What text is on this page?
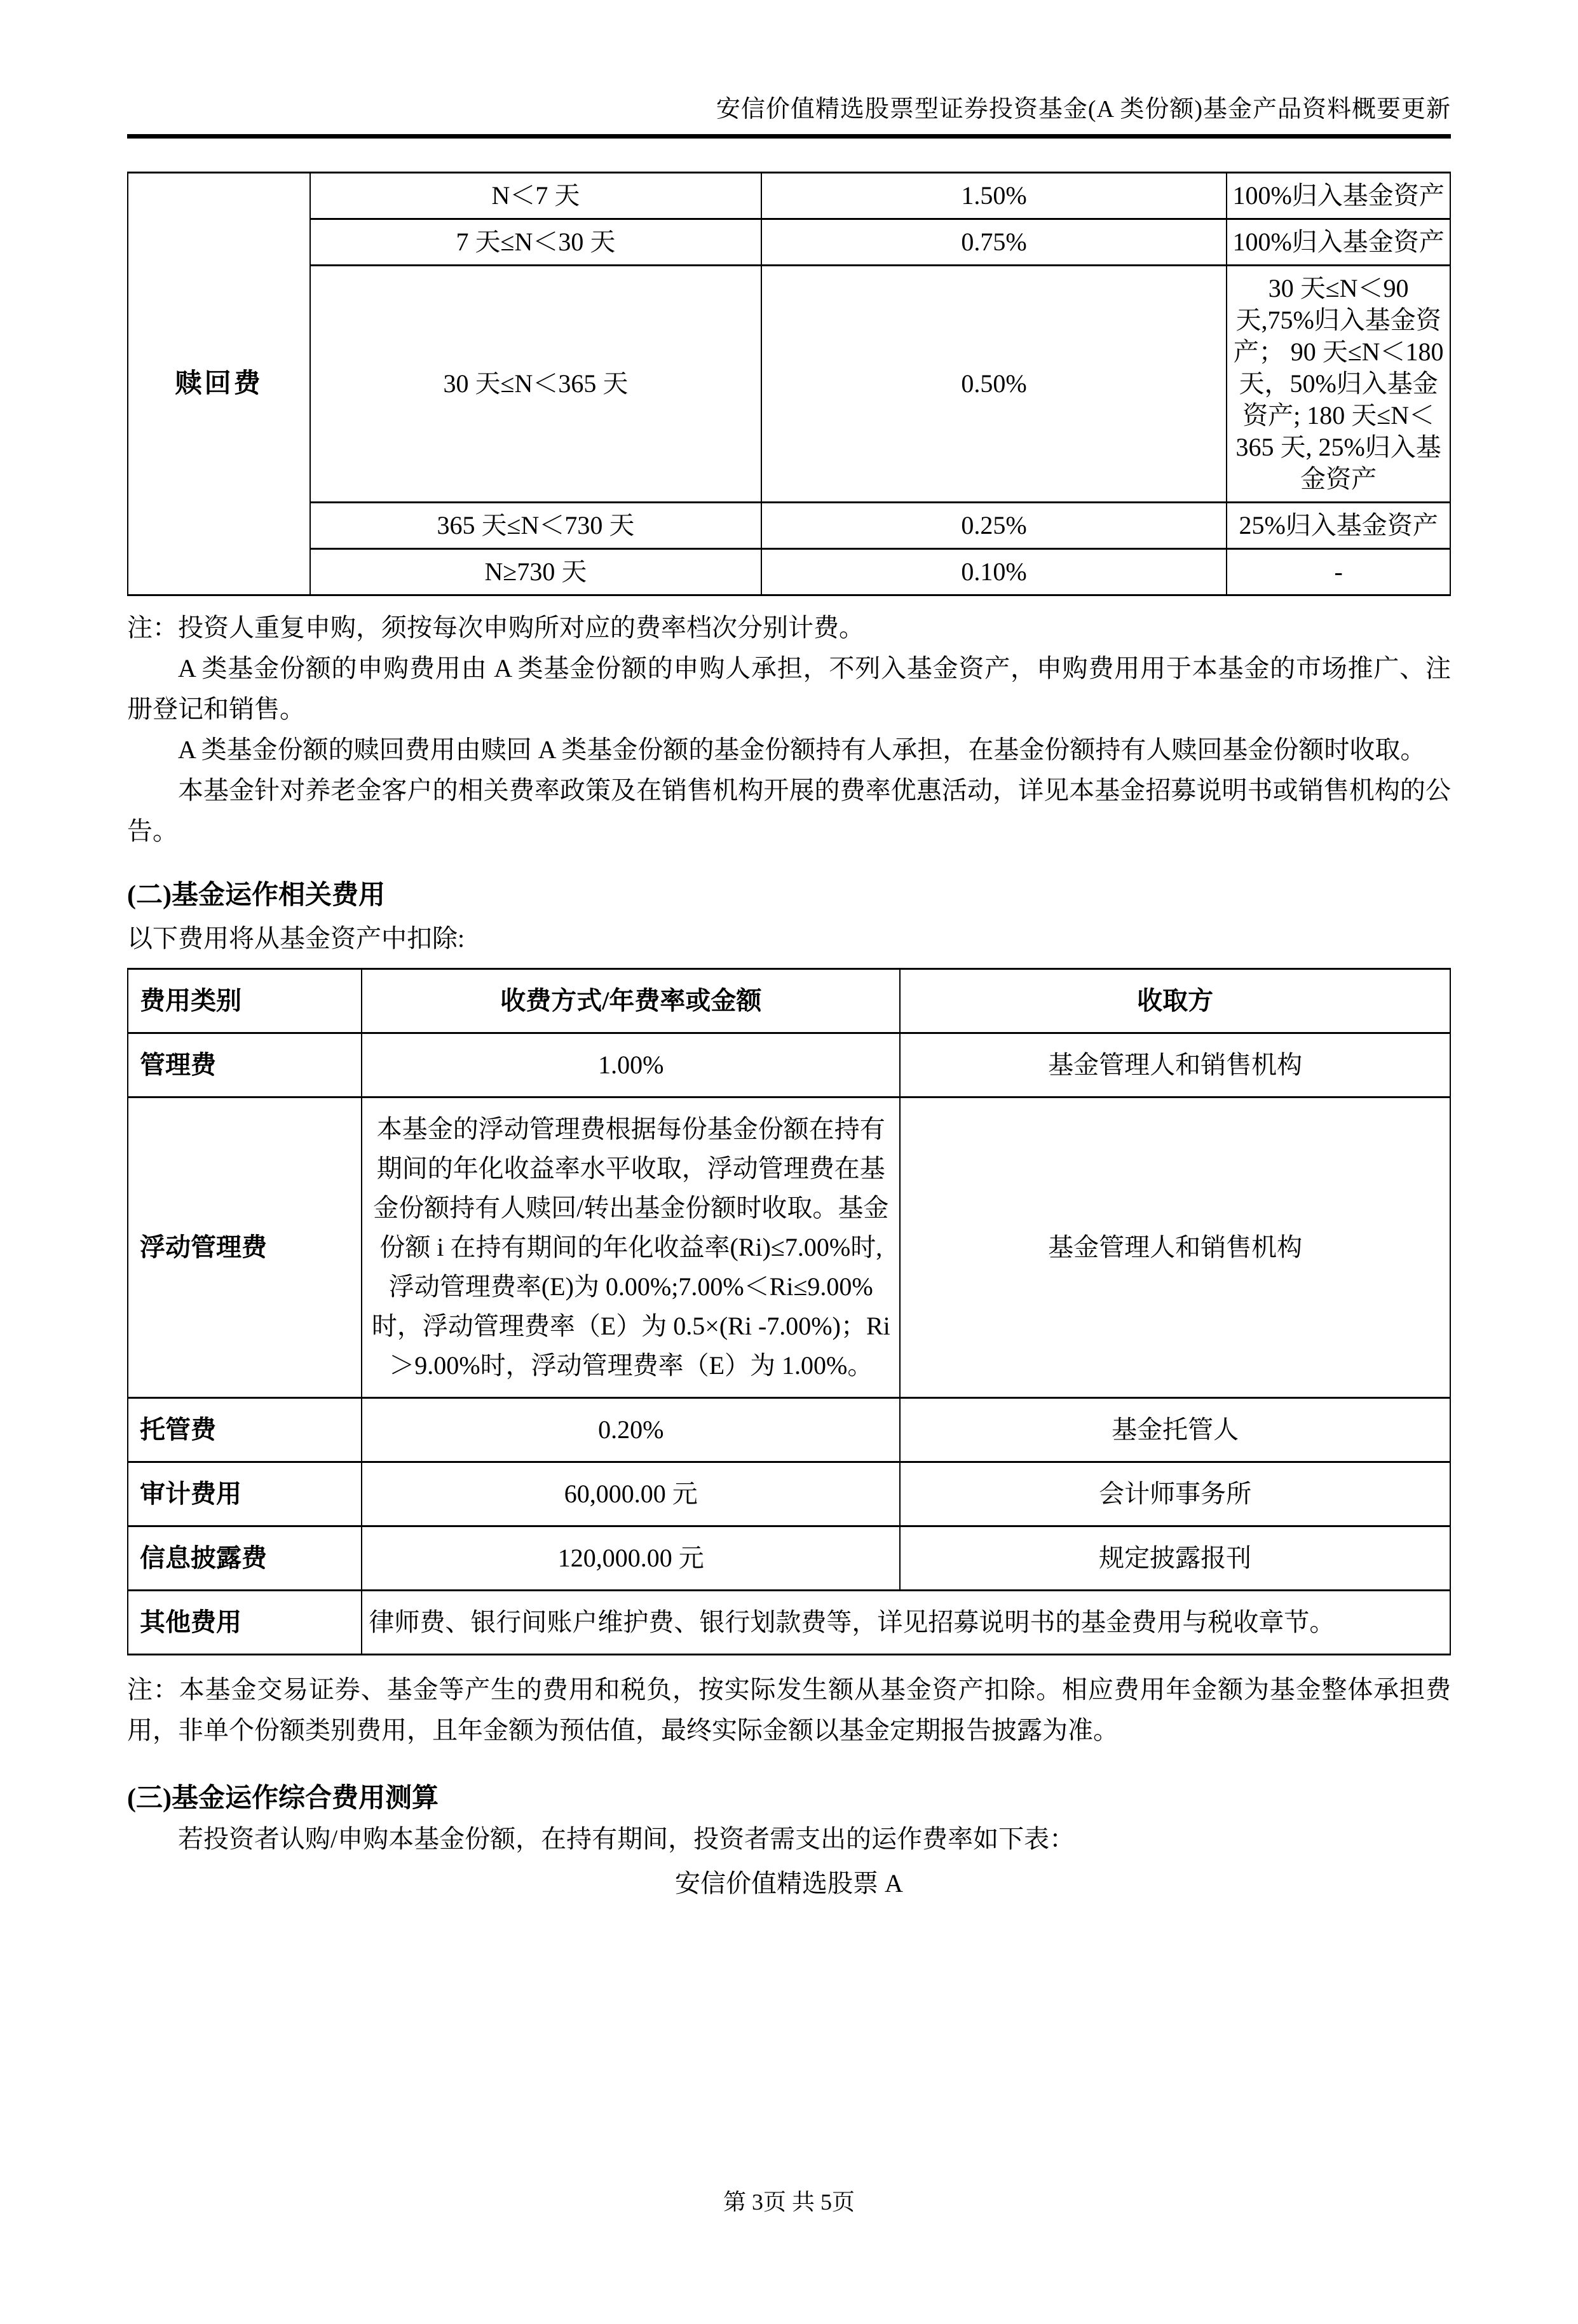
安信价值精选股票型证券投资基金(A 类份额)基金产品资料概要更新
赎回费	N＜7 天	1.50%	100%归入基金资产
	7 天≤N＜30 天	0.75%	100%归入基金资产
	30 天≤N＜365 天	0.50%	30 天≤N＜90 天,75%归入基金资产； 90 天≤N＜180 天，50%归入基金资产; 180 天≤N＜365 天, 25%归入基金资产
	365 天≤N＜730 天	0.25%	25%归入基金资产
	N≥730 天	0.10%	-

注：投资人重复申购，须按每次申购所对应的费率档次分别计费。

A 类基金份额的申购费用由 A 类基金份额的申购人承担，不列入基金资产，申购费用用于本基金的市场推广、注册登记和销售。

A 类基金份额的赎回费用由赎回 A 类基金份额的基金份额持有人承担，在基金份额持有人赎回基金份额时收取。

本基金针对养老金客户的相关费率政策及在销售机构开展的费率优惠活动，详见本基金招募说明书或销售机构的公告。

(二)基金运作相关费用

以下费用将从基金资产中扣除:

费用类别	收费方式/年费率或金额	收取方
管理费	1.00%	基金管理人和销售机构
浮动管理费	本基金的浮动管理费根据每份基金份额在持有期间的年化收益率水平收取，浮动管理费在基金份额持有人赎回/转出基金份额时收取。基金份额 i 在持有期间的年化收益率(Ri)≤7.00%时,浮动管理费率(E)为 0.00%;7.00%＜Ri≤9.00%时，浮动管理费率（E）为 0.5×(Ri -7.00%)；Ri＞9.00%时，浮动管理费率（E）为 1.00%。	基金管理人和销售机构
托管费	0.20%	基金托管人
审计费用	60,000.00 元	会计师事务所
信息披露费	120,000.00 元	规定披露报刊
其他费用	律师费、银行间账户维护费、银行划款费等，详见招募说明书的基金费用与税收章节。	

注：本基金交易证券、基金等产生的费用和税负，按实际发生额从基金资产扣除。相应费用年金额为基金整体承担费用，非单个份额类别费用，且年金额为预估值，最终实际金额以基金定期报告披露为准。

(三)基金运作综合费用测算

若投资者认购/申购本基金份额，在持有期间，投资者需支出的运作费率如下表：

安信价值精选股票 A

第 3页 共 5页
